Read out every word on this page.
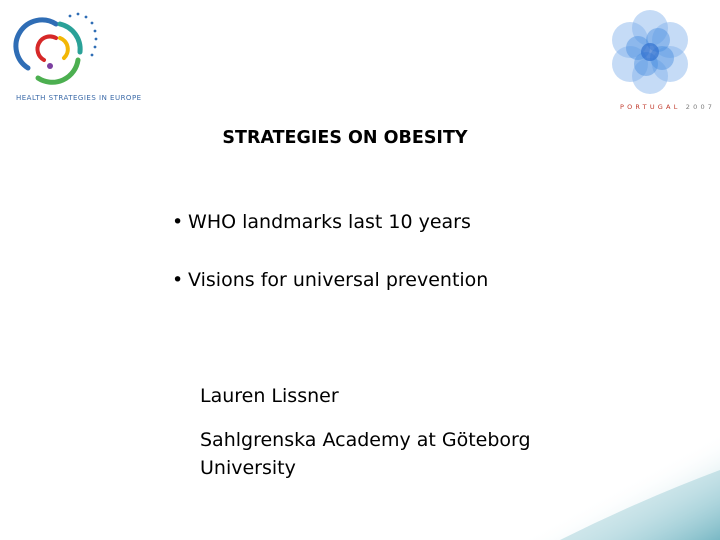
HEALTH STRATEGIES IN EUROPE
PORTUGAL 2007
STRATEGIES ON OBESITY
• WHO landmarks last 10 years
• Visions for universal prevention
Lauren Lissner
Sahlgrenska Academy at Göteborg University
